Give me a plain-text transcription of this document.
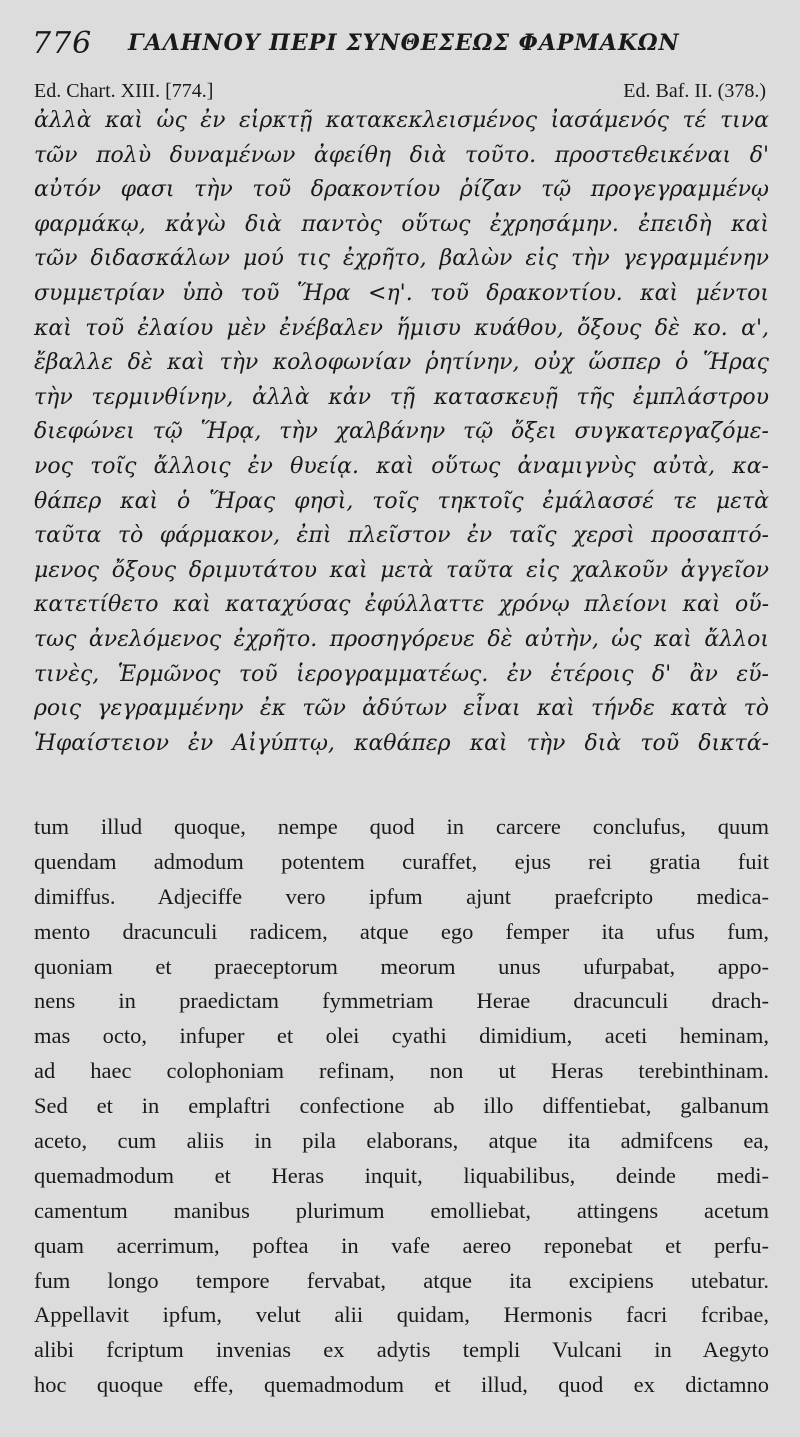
776 ΓΑΛΗΝΟΥ ΠΕΡΙ ΣΥΝΘΕΣΕΩΣ ΦΑΡΜΑΚΩΝ
Ed. Chart. XIII. [774.]	Ed. Baf. II. (378.)
ἀλλὰ καὶ ὡς ἐν εἱρκτῇ κατακεκλεισμένος ἰασάμενός τέ τινα
τῶν πολὺ δυναμένων ἀφείθη διὰ τοῦτο. προστεθεικέναι δ'
αὐτόν φασι τὴν τοῦ δρακοντίου ῥίζαν τῷ προγεγραμμένῳ
φαρμάκῳ, κἀγὼ διὰ παντὸς οὕτως ἐχρησάμην. ἐπειδὴ καὶ
τῶν διδασκάλων μού τις ἐχρῆτο, βαλὼν εἰς τὴν γεγραμμένην
συμμετρίαν ὑπὸ τοῦ Ἥρα <η'. τοῦ δρακοντίου. καὶ μέντοι
καὶ τοῦ ἐλαίου μὲν ἐνέβαλεν ἥμισυ κυάθου, ὄξους δὲ κο. α',
ἔβαλλε δὲ καὶ τὴν κολοφωνίαν ῥητίνην, οὐχ ὥσπερ ὁ Ἥρας
τὴν τερμινθίνην, ἀλλὰ κἀν τῇ κατασκευῇ τῆς ἐμπλάστρου
διεφώνει τῷ Ἥρᾳ, τὴν χαλβάνην τῷ ὄξει συγκατεργαζόμε-
νος τοῖς ἄλλοις ἐν θυείᾳ. καὶ οὕτως ἀναμιγνὺς αὐτὰ, κα-
θάπερ καὶ ὁ Ἥρας φησὶ, τοῖς τηκτοῖς ἐμάλασσέ τε μετὰ
ταῦτα τὸ φάρμακον, ἐπὶ πλεῖστον ἐν ταῖς χερσὶ προσαπτό-
μενος ὄξους δριμυτάτου καὶ μετὰ ταῦτα εἰς χαλκοῦν ἀγγεῖον
κατετίθετο καὶ καταχύσας ἐφύλλαττε χρόνῳ πλείονι καὶ οὕ-
τως ἀνελόμενος ἐχρῆτο. προσηγόρευε δὲ αὐτὴν, ὡς καὶ ἄλλοι
τινὲς, Ἑρμῶνος τοῦ ἱερογραμματέως. ἐν ἑτέροις δ' ἂν εὕ-
ροις γεγραμμένην ἐκ τῶν ἀδύτων εἶναι καὶ τήνδε κατὰ τὸ
Ἡφαίστειον ἐν Αἰγύπτῳ, καθάπερ καὶ τὴν διὰ τοῦ δικτά-
tum illud quoque, nempe quod in carcere conclufus, quum
quendam admodum potentem curaffet, ejus rei gratia fuit
dimiffus. Adjeciffe vero ipfum ajunt praefcripto medica-
mento dracunculi radicem, atque ego femper ita ufus fum,
quoniam et praeceptorum meorum unus ufurpabat, appo-
nens in praedictam fymmetriam Herae dracunculi drach-
mas octo, infuper et olei cyathi dimidium, aceti heminam,
ad haec colophoniam refinam, non ut Heras terebinthinam.
Sed et in emplaftri confectione ab illo diffentiebat, galbanum
aceto, cum aliis in pila elaborans, atque ita admifcens ea,
quemadmodum et Heras inquit, liquabilibus, deinde medi-
camentum manibus plurimum emolliebat, attingens acetum
quam acerrimum, poftea in vafe aereo reponebat et perfu-
fum longo tempore fervabat, atque ita excipiens utebatur.
Appellavit ipfum, velut alii quidam, Hermonis facri fcribae,
alibi fcriptum invenias ex adytis templi Vulcani in Aegyto
hoc quoque effe, quemadmodum et illud, quod ex dictamno
